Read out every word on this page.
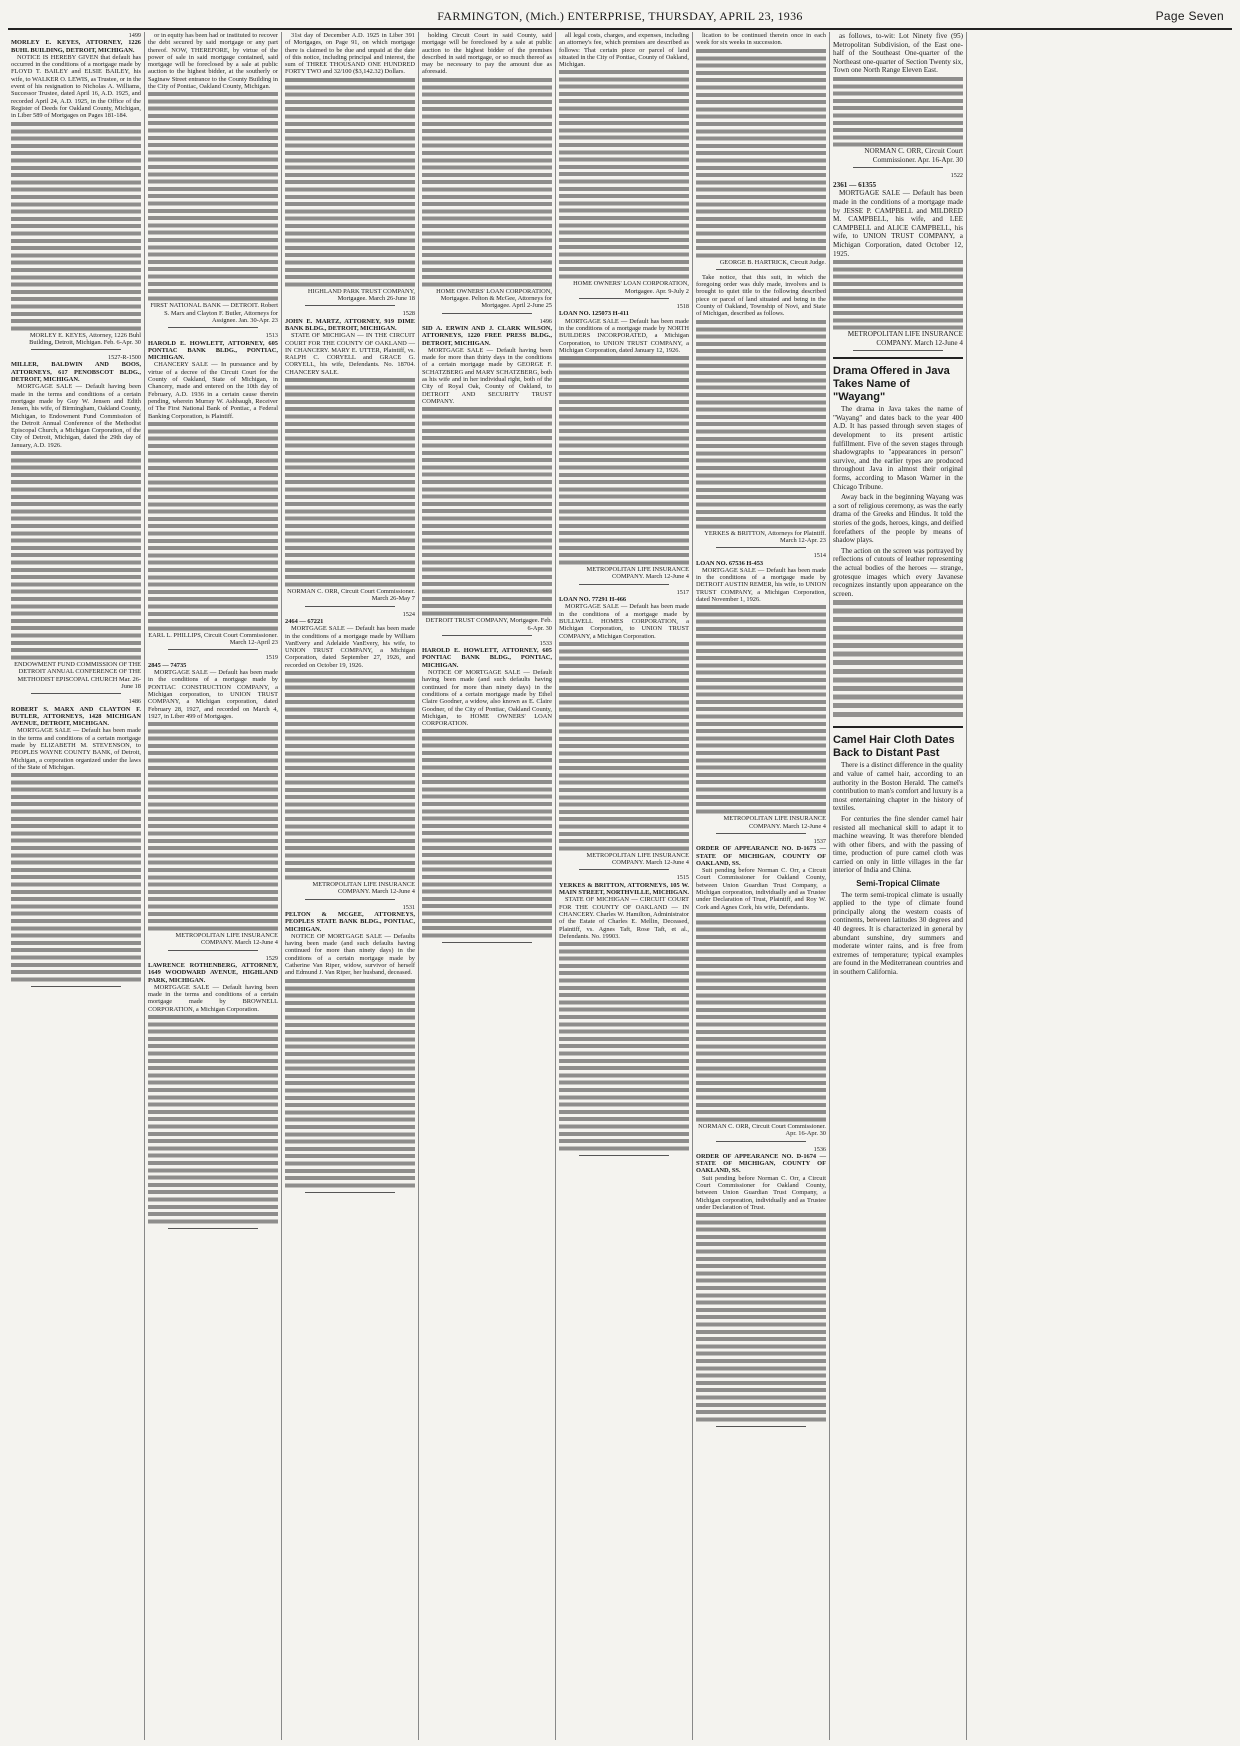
FARMINGTON, (Mich.) ENTERPRISE, THURSDAY, APRIL 23, 1936	Page Seven
1499
MORLEY E. KEYES, ATTORNEY, 1226 BUHL BUILDING, DETROIT, MICHIGAN.
NOTICE IS HEREBY GIVEN that default has occurred in the conditions of a mortgage made by FLOYD T. BAILEY and ELSIE BAILEY, his wife, to WALKER O. LEWIS, as Trustee, or in the event of his resignation to Nicholas A. Williams, Successor Trustee, dated April 16, A.D. 1925, and recorded April 24, A.D. 1925, in the Office of the Register of Deeds for Oakland County, Michigan, in Liber 589 of Mortgages on Pages 181-184.
MORLEY E. KEYES, Attorney, 1226 Buhl Building, Detroit, Michigan. Feb. 6-Apr. 30
1527-R-1500
MILLER, BALDWIN AND BOOS, ATTORNEYS, 617 PENOBSCOT BLDG., DETROIT, MICHIGAN.
MORTGAGE SALE — Default having been made in the terms and conditions of a certain mortgage made by Guy W. Jensen and Edith Jensen, his wife, of Birmingham, Oakland County, Michigan, to Endowment Fund Commission of the Detroit Annual Conference of the Methodist Episcopal Church, a Michigan Corporation, of the City of Detroit, Michigan, dated the 29th day of January, A.D. 1926.
ENDOWMENT FUND COMMISSION OF THE DETROIT ANNUAL CONFERENCE OF THE METHODIST EPISCOPAL CHURCH Mar. 26-June 18
1486
ROBERT S. MARX AND CLAYTON F. BUTLER, ATTORNEYS, 1428 MICHIGAN AVENUE, DETROIT, MICHIGAN.
MORTGAGE SALE — Default has been made in the terms and conditions of a certain mortgage made by ELIZABETH M. STEVENSON, to PEOPLES WAYNE COUNTY BANK, of Detroit, Michigan, a corporation organized under the laws of the State of Michigan.
or in equity has been had or instituted to recover the debt secured by said mortgage or any part thereof. NOW, THEREFORE, by virtue of the power of sale in said mortgage contained, said mortgage will be foreclosed by a sale at public auction to the highest bidder, at the southerly or Saginaw Street entrance to the County Building in the City of Pontiac, Oakland County, Michigan.
FIRST NATIONAL BANK — DETROIT. Robert S. Marx and Clayton F. Butler, Attorneys for Assignee. Jan. 30-Apr. 23
1513
HAROLD E. HOWLETT, ATTORNEY, 605 PONTIAC BANK BLDG., PONTIAC, MICHIGAN.
CHANCERY SALE — In pursuance and by virtue of a decree of the Circuit Court for the County of Oakland, State of Michigan, in Chancery, made and entered on the 10th day of February, A.D. 1936 in a certain cause therein pending, wherein Murray W. Ashbaugh, Receiver of The First National Bank of Pontiac, a Federal Banking Corporation, is Plaintiff.
EARL L. PHILLIPS, Circuit Court Commissioner. March 12-April 23
1519
2845 — 74735
MORTGAGE SALE — Default has been made in the conditions of a mortgage made by PONTIAC CONSTRUCTION COMPANY, a Michigan corporation, to UNION TRUST COMPANY, a Michigan corporation, dated February 28, 1927, and recorded on March 4, 1927, in Liber 499 of Mortgages.
METROPOLITAN LIFE INSURANCE COMPANY. March 12-June 4
1529
LAWRENCE ROTHENBERG, ATTORNEY, 1649 WOODWARD AVENUE, HIGHLAND PARK, MICHIGAN.
MORTGAGE SALE — Default having been made in the terms and conditions of a certain mortgage made by BROWNELL CORPORATION, a Michigan Corporation.
31st day of December A.D. 1925 in Liber 391 of Mortgages, on Page 91, on which mortgage there is claimed to be due and unpaid at the date of this notice, including principal and interest, the sum of THREE THOUSAND ONE HUNDRED FORTY TWO and 32/100 ($3,142.32) Dollars.
HIGHLAND PARK TRUST COMPANY, Mortgagee. March 26-June 18
1528
JOHN E. MARTZ, ATTORNEY, 919 DIME BANK BLDG., DETROIT, MICHIGAN.
STATE OF MICHIGAN — IN THE CIRCUIT COURT FOR THE COUNTY OF OAKLAND — IN CHANCERY. MARY E. UTTER, Plaintiff, vs. RALPH C. CORYELL and GRACE G. CORYELL, his wife, Defendants. No. 18704. CHANCERY SALE.
NORMAN C. ORR, Circuit Court Commissioner. March 26-May 7
1524
2464 — 67221
MORTGAGE SALE — Default has been made in the conditions of a mortgage made by William VanEvery and Adelaide VanEvery, his wife, to UNION TRUST COMPANY, a Michigan Corporation, dated September 27, 1926, and recorded on October 19, 1926.
METROPOLITAN LIFE INSURANCE COMPANY. March 12-June 4
1531
PELTON & MCGEE, ATTORNEYS, PEOPLES STATE BANK BLDG., PONTIAC, MICHIGAN.
NOTICE OF MORTGAGE SALE — Defaults having been made (and such defaults having continued for more than ninety days) in the conditions of a certain mortgage made by Catherine Van Riper, widow, survivor of herself and Edmund J. Van Riper, her husband, deceased.
holding Circuit Court in said County, said mortgage will be foreclosed by a sale at public auction to the highest bidder of the premises described in said mortgage, or so much thereof as may be necessary to pay the amount due as aforesaid.
HOME OWNERS' LOAN CORPORATION, Mortgagee. Pelton & McGee, Attorneys for Mortgagee. April 2-June 25
1496
SID A. ERWIN AND J. CLARK WILSON, ATTORNEYS, 1220 FREE PRESS BLDG., DETROIT, MICHIGAN.
MORTGAGE SALE — Default having been made for more than thirty days in the conditions of a certain mortgage made by GEORGE F. SCHATZBERG and MARY SCHATZBERG, both as his wife and in her individual right, both of the City of Royal Oak, County of Oakland, to DETROIT AND SECURITY TRUST COMPANY.
DETROIT TRUST COMPANY, Mortgagee. Feb. 6-Apr. 30
1533
HAROLD E. HOWLETT, ATTORNEY, 605 PONTIAC BANK BLDG., PONTIAC, MICHIGAN.
NOTICE OF MORTGAGE SALE — Default having been made (and such defaults having continued for more than ninety days) in the conditions of a certain mortgage made by Ethel Claire Goodner, a widow, also known as E. Claire Goodner, of the City of Pontiac, Oakland County, Michigan, to HOME OWNERS' LOAN CORPORATION.
all legal costs, charges, and expenses, including an attorney's fee, which premises are described as follows: That certain piece or parcel of land situated in the City of Pontiac, County of Oakland, Michigan.
HOME OWNERS' LOAN CORPORATION, Mortgagee. Apr. 9-July 2
1518
LOAN NO. 125073 H-411
MORTGAGE SALE — Default has been made in the conditions of a mortgage made by NORTH BUILDERS INCORPORATED, a Michigan Corporation, to UNION TRUST COMPANY, a Michigan Corporation, dated January 12, 1926.
METROPOLITAN LIFE INSURANCE COMPANY. March 12-June 4
1517
LOAN NO. 77291 H-466
MORTGAGE SALE — Default has been made in the conditions of a mortgage made by BULLWELL HOMES CORPORATION, a Michigan Corporation, to UNION TRUST COMPANY, a Michigan Corporation.
METROPOLITAN LIFE INSURANCE COMPANY. March 12-June 4
1515
YERKES & BRITTON, ATTORNEYS, 105 W. MAIN STREET, NORTHVILLE, MICHIGAN.
STATE OF MICHIGAN — CIRCUIT COURT FOR THE COUNTY OF OAKLAND — IN CHANCERY. Charles W. Hamilton, Administrator of the Estate of Charles E. Mellin, Deceased, Plaintiff, vs. Agnes Taft, Rose Taft, et al., Defendants. No. 19903.
lication to be continued therein once in each week for six weeks in succession.
GEORGE B. HARTRICK, Circuit Judge.
Take notice, that this suit, in which the foregoing order was duly made, involves and is brought to quiet title to the following described piece or parcel of land situated and being in the County of Oakland, Township of Novi, and State of Michigan, described as follows.
YERKES & BRITTON, Attorneys for Plaintiff. March 12-Apr. 23
1514
LOAN NO. 67536 H-453
MORTGAGE SALE — Default has been made in the conditions of a mortgage made by DETROIT AUSTIN REMER, his wife, to UNION TRUST COMPANY, a Michigan Corporation, dated November 1, 1926.
METROPOLITAN LIFE INSURANCE COMPANY. March 12-June 4
1537
ORDER OF APPEARANCE NO. D-1673 — STATE OF MICHIGAN, COUNTY OF OAKLAND, SS.
Suit pending before Norman C. Orr, a Circuit Court Commissioner for Oakland County, between Union Guardian Trust Company, a Michigan corporation, individually and as Trustee under Declaration of Trust, Plaintiff, and Roy W. Cork and Agnes Cork, his wife, Defendants.
NORMAN C. ORR, Circuit Court Commissioner. Apr. 16-Apr. 30
1536
ORDER OF APPEARANCE NO. D-1674 — STATE OF MICHIGAN, COUNTY OF OAKLAND, SS.
Suit pending before Norman C. Orr, a Circuit Court Commissioner for Oakland County, between Union Guardian Trust Company, a Michigan corporation, individually and as Trustee under Declaration of Trust.
as follows, to-wit: Lot Ninety five (95) Metropolitan Subdivision, of the East one-half of the Southeast One-quarter of the Northeast one-quarter of Section Twenty six, Town one North Range Eleven East.
NORMAN C. ORR, Circuit Court Commissioner. Apr. 16-Apr. 30
1522
2361 — 61355
MORTGAGE SALE — Default has been made in the conditions of a mortgage made by JESSE P. CAMPBELL and MILDRED M. CAMPBELL, his wife, and LEE CAMPBELL and ALICE CAMPBELL, his wife, to UNION TRUST COMPANY, a Michigan Corporation, dated October 12, 1925.
METROPOLITAN LIFE INSURANCE COMPANY. March 12-June 4
Drama Offered in Java Takes Name of "Wayang"

The drama in Java takes the name of "Wayang" and dates back to the year 400 A.D. It has passed through seven stages of development to its present artistic fulfillment. Five of the seven stages through shadowgraphs to "appearances in person" survive, and the earlier types are produced throughout Java in almost their original forms, according to Mason Warner in the Chicago Tribune.

Away back in the beginning Wayang was a sort of religious ceremony, as was the early drama of the Greeks and Hindus. It told the stories of the gods, heroes, kings, and deified forefathers of the people by means of shadow plays.

The action on the screen was portrayed by reflections of cutouts of leather representing the actual bodies of the heroes — strange, grotesque images which every Javanese recognizes instantly upon appearance on the screen.

Camel Hair Cloth Dates Back to Distant Past

There is a distinct difference in the quality and value of camel hair, according to an authority in the Boston Herald. The camel's contribution to man's comfort and luxury is a most entertaining chapter in the history of textiles.

For centuries the fine slender camel hair resisted all mechanical skill to adapt it to machine weaving. It was therefore blended with other fibers, and with the passing of time, production of pure camel cloth was carried on only in little villages in the far interior of India and China.

Semi-Tropical Climate

The term semi-tropical climate is usually applied to the type of climate found principally along the western coasts of continents, between latitudes 30 degrees and 40 degrees. It is characterized in general by abundant sunshine, dry summers and moderate winter rains, and is free from extremes of temperature; typical examples are found in the Mediterranean countries and in southern California.
